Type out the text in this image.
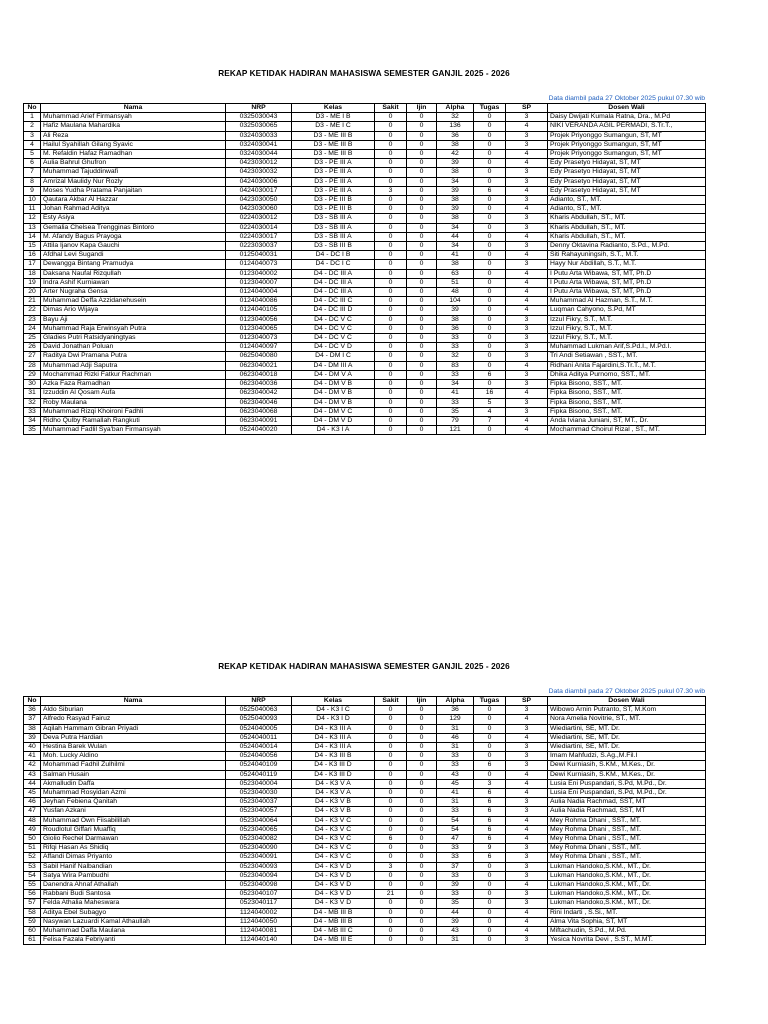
REKAP KETIDAK HADIRAN MAHASISWA SEMESTER GANJIL 2025 - 2026
Data diambil pada 27 Oktober 2025 pukul 07.30 wib
No	Nama	NRP	Kelas	Sakit	Ijin	Alpha	Tugas	SP	Dosen Wali
1	Muhammad Arief Firmansyah	0325030043	D3 - ME I B	0	0	32	0	3	Daisy Dwijati Kumala Ratna, Dra., M.Pd
2	Hafiz Maulana Mahardika	0325030065	D3 - ME I C	0	0	136	0	4	NIKI VERANDA AGIL PERMADI, S.Tr.T.,
3	Ali Reza	0324030033	D3 - ME III B	0	0	36	0	3	Projek Priyonggo Sumangun, ST, MT
4	Hailul Syahillah Gilang Syavic	0324030041	D3 - ME III B	0	0	38	0	3	Projek Priyonggo Sumangun, ST, MT
5	M. Refaldin Hafaz Ramadhan	0324030044	D3 - ME III B	0	0	42	0	4	Projek Priyonggo Sumangun, ST, MT
6	Aulia Bahrul Ghufron	0423030012	D3 - PE III A	0	0	39	0	4	Edy Prasetyo Hidayat, ST, MT
7	Muhammad Tajuddinwafi	0423030032	D3 - PE III A	0	0	38	0	3	Edy Prasetyo Hidayat, ST, MT
8	Amrizal Maulidy Nur Rozly	0424030006	D3 - PE III A	0	0	34	0	3	Edy Prasetyo Hidayat, ST, MT
9	Moses Yudha Pratama Panjaitan	0424030017	D3 - PE III A	3	0	39	6	4	Edy Prasetyo Hidayat, ST, MT
10	Qautara Akbar Al Hazzar	0423030050	D3 - PE III B	0	0	38	0	3	Adianto, ST., MT.
11	Johan Rahmad Aditya	0423030060	D3 - PE III B	0	0	39	0	4	Adianto, ST., MT.
12	Esty Asiya	0224030012	D3 - SB III A	0	0	38	0	3	Kharis Abdullah, ST., MT.
13	Gemalia Chelsea Trengginas Bintoro	0224030014	D3 - SB III A	0	0	34	0	3	Kharis Abdullah, ST., MT.
14	M. Afandy Bagus Prayoga	0224030017	D3 - SB III A	0	0	44	0	4	Kharis Abdullah, ST., MT.
15	Attila Ijanov Kapa Gauchi	0223030037	D3 - SB III B	0	0	34	0	3	Denny Oktavina Radianto, S.Pd., M.Pd.
16	Afdhal Levi Sugandi	0125040031	D4 - DC I B	0	0	41	0	4	Siti Rahayuningsih, S.T., M.T.
17	Dewangga Bintang Pramudya	0124040073	D4 - DC I C	0	0	38	0	3	Hayy Nur Abdillah, S.T., M.T.
18	Daksana Naufal Rizqullah	0123040002	D4 - DC III A	0	0	63	0	4	I Putu Arta Wibawa, ST, MT, Ph.D
19	Indra Ashif Kurniawan	0123040007	D4 - DC III A	0	0	51	0	4	I Putu Arta Wibawa, ST, MT, Ph.D
20	Arter Nugraha Gensa	0124040004	D4 - DC III A	0	0	48	0	4	I Putu Arta Wibawa, ST, MT, Ph.D
21	Muhammad Deffa Azzidanehusein	0124040086	D4 - DC III C	0	0	104	0	4	Muhammad Al Hazman, S.T., M.T.
22	Dimas Ario Wijaya	0124040105	D4 - DC III D	0	0	39	0	4	Luqman Cahyono, S.Pd, MT
23	Bayu Aji	0123040056	D4 - DC V C	0	0	38	0	3	Izzul Fikry, S.T., M.T.
24	Muhammad Raja Erwinsyah Putra	0123040065	D4 - DC V C	0	0	36	0	3	Izzul Fikry, S.T., M.T.
25	Gladies Putri Ratsidyaningtyas	0123040073	D4 - DC V C	0	0	33	0	3	Izzul Fikry, S.T., M.T.
26	David Jonathan Poluan	0124040097	D4 - DC V D	0	0	33	0	3	Muhammad Lukman Arif,S.Pd.I., M.Pd.I.
27	Raditya Dwi Pramana Putra	0625040080	D4 - DM I C	0	0	32	0	3	Tri Andi Setiawan , SST., MT.
28	Muhammad Adji Saputra	0623040021	D4 - DM III A	0	0	83	0	4	Ridhani Anita Fajardini,S.Tr.T., M.T.
29	Mochammad Rizki Fatkur Rachman	0623040018	D4 - DM V A	0	0	33	6	3	Dhika Aditya Purnomo, SST., MT.
30	Azka Faza Ramadhan	0623040036	D4 - DM V B	0	0	34	0	3	Fipka Bisono, SST., MT.
31	Izzuddin Al Qosam Aufa	0623040042	D4 - DM V B	0	0	41	16	4	Fipka Bisono, SST., MT.
32	Roby Maulana	0623040046	D4 - DM V B	0	0	33	5	3	Fipka Bisono, SST., MT.
33	Muhammad Rizqi Khoironi Fadhli	0623040068	D4 - DM V C	0	0	35	4	3	Fipka Bisono, SST., MT.
34	Ridho Qulby Ramallah Rangkuti	0623040091	D4 - DM V D	0	0	79	7	4	Anda Iviana Juniani, ST, MT., Dr.
35	Muhammad Fadlil Sya'ban Firmansyah	0524040020	D4 - K3 I A	0	0	121	0	4	Mochammad Choirul Rizal , ST., MT.
REKAP KETIDAK HADIRAN MAHASISWA SEMESTER GANJIL 2025 - 2026
Data diambil pada 27 Oktober 2025 pukul 07.30 wib
No	Nama	NRP	Kelas	Sakit	Ijin	Alpha	Tugas	SP	Dosen Wali
36	Aldo Siburian	0525040063	D4 - K3 I C	0	0	36	0	3	Wibowo Arnin Putranto, ST, M.Kom
37	Alfredo Rasyad Fairuz	0525040093	D4 - K3 I D	0	0	129	0	4	Nora Amelia Novitrie, ST., MT.
38	Aqilah Hammam Gibran Priyadi	0524040005	D4 - K3 III A	0	0	31	0	3	Wiediartini, SE, MT. Dr.
39	Deva Putra Hardian	0524040011	D4 - K3 III A	0	0	46	0	4	Wiediartini, SE, MT. Dr.
40	Hestina Barek Wulan	0524040014	D4 - K3 III A	0	0	31	0	3	Wiediartini, SE, MT. Dr.
41	Moh. Lucky Aldino	0524040056	D4 - K3 III B	0	0	33	0	3	Imam Mahfudzi, S.Ag.,M.Fil.I
42	Mohammad Fadhil Zulhilmi	0524040109	D4 - K3 III D	0	0	33	6	3	Dewi Kurniasih, S.KM., M.Kes., Dr.
43	Salman Husain	0524040119	D4 - K3 III D	0	0	43	0	4	Dewi Kurniasih, S.KM., M.Kes., Dr.
44	Akmalludin Daffa	0523040004	D4 - K3 V A	0	0	45	3	4	Lusia Eni Puspandari, S.Pd, M.Pd., Dr.
45	Muhammad Rosyidan Azmi	0523040030	D4 - K3 V A	0	0	41	6	4	Lusia Eni Puspandari, S.Pd, M.Pd., Dr.
46	Jeyhan Febiena Qanitah	0523040037	D4 - K3 V B	0	0	31	6	3	Aulia Nadia Rachmad, SST, MT
47	Yusfan Azkani	0523040057	D4 - K3 V B	0	0	33	6	3	Aulia Nadia Rachmad, SST, MT
48	Muhammad Own Fiisabilillah	0523040064	D4 - K3 V C	0	0	54	6	4	Mey Rohma Dhani , SST., MT.
49	Roudlotul Giffari Muaffiq	0523040065	D4 - K3 V C	0	0	54	6	4	Mey Rohma Dhani , SST., MT.
50	Giolio Rechel Darmawan	0523040082	D4 - K3 V C	6	0	47	6	4	Mey Rohma Dhani , SST., MT.
51	Rifqi Hasan As Shidiq	0523040090	D4 - K3 V C	0	0	33	9	3	Mey Rohma Dhani , SST., MT.
52	Affandi Dimas Priyanto	0523040091	D4 - K3 V C	0	0	33	6	3	Mey Rohma Dhani , SST., MT.
53	Sabil Hanif Nalbandian	0523040093	D4 - K3 V D	3	0	37	0	3	Lukman Handoko,S.KM., MT., Dr.
54	Satya Wira Pambudhi	0523040094	D4 - K3 V D	0	0	33	0	3	Lukman Handoko,S.KM., MT., Dr.
55	Danendra Ahnaf Athallah	0523040098	D4 - K3 V D	0	0	39	0	4	Lukman Handoko,S.KM., MT., Dr.
56	Rabbani Budi Santosa	0523040107	D4 - K3 V D	21	0	33	0	3	Lukman Handoko,S.KM., MT., Dr.
57	Felda Athalia Maheswara	0523040117	D4 - K3 V D	0	0	35	0	3	Lukman Handoko,S.KM., MT., Dr.
58	Aditya Ebel Subagyo	1124040002	D4 - MB III B	0	0	44	0	4	Rini Indarti , S.Si., MT.
59	Nasywan Lazuardi Kamal Athaullah	1124040050	D4 - MB III B	0	0	39	0	4	Alma Vita Sophia, ST, MT
60	Muhammad Daffa Maulana	1124040081	D4 - MB III C	0	0	43	0	4	Miftachudin, S.Pd., M.Pd.
61	Felisa Fazala Febriyanti	1124040140	D4 - MB III E	0	0	31	0	3	Yesica Novrita Devi , S.ST., M.MT.
